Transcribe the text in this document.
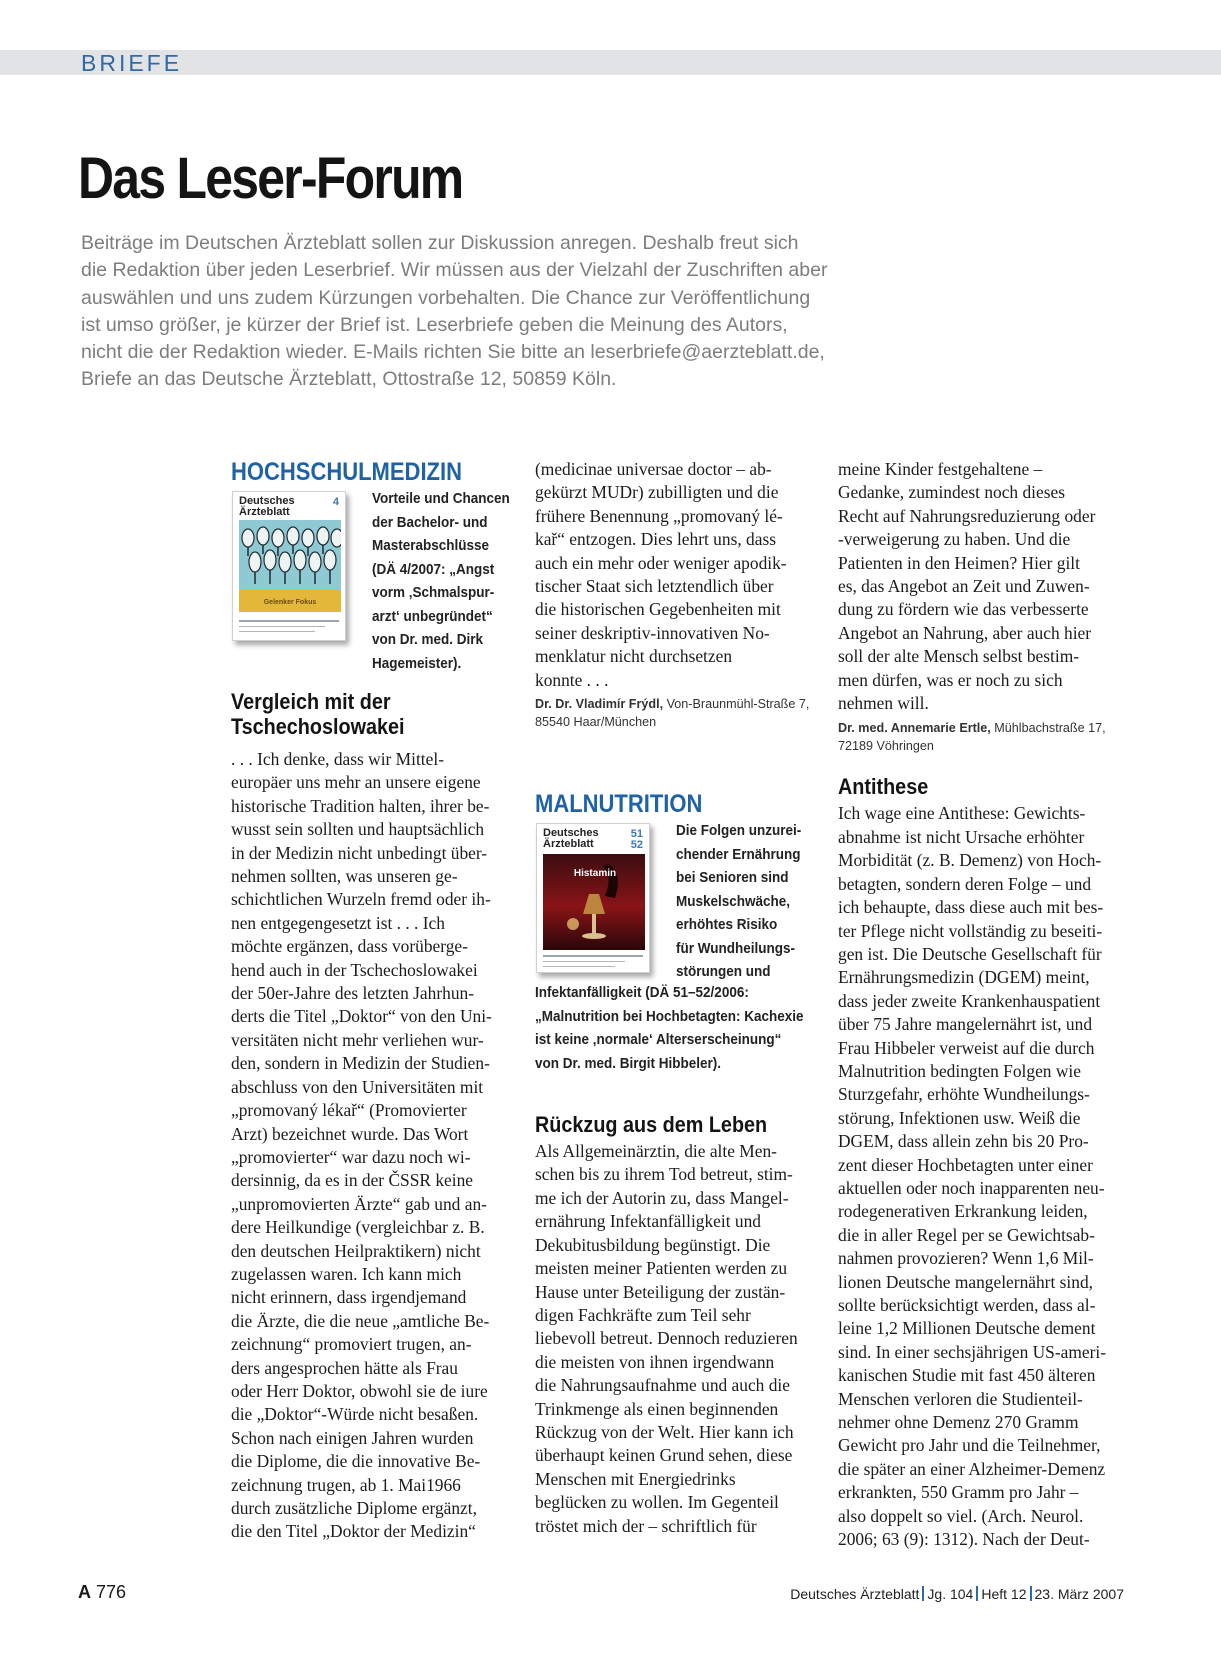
BRIEFE
Das Leser-Forum

Beiträge im Deutschen Ärzteblatt sollen zur Diskussion anregen. Deshalb freut sich

die Redaktion über jeden Leserbrief. Wir müssen aus der Vielzahl der Zuschriften aber

auswählen und uns zudem Kürzungen vorbehalten. Die Chance zur Veröffentlichung

ist umso größer, je kürzer der Brief ist. Leserbriefe geben die Meinung des Autors,

nicht die der Redaktion wieder. E-Mails richten Sie bitte an leserbriefe@aerzteblatt.de,

Briefe an das Deutsche Ärzteblatt, Ottostraße 12, 50859 Köln.

HOCHSCHULMEDIZIN
Deutsches
Ärzteblatt
4
Gelenker Fokus

Vorteile und Chancen

der Bachelor- und

Masterabschlüsse

(DÄ 4/2007: „Angst

vorm ‚Schmalspur-

arzt‘ unbegründet“

von Dr. med. Dirk

Hagemeister).

Vergleich mit der

Tschechoslowakei

. . . Ich denke, dass wir Mittel-

europäer uns mehr an unsere eigene

historische Tradition halten, ihrer be-

wusst sein sollten und hauptsächlich

in der Medizin nicht unbedingt über-

nehmen sollten, was unseren ge-

schichtlichen Wurzeln fremd oder ih-

nen entgegengesetzt ist . . . Ich

möchte ergänzen, dass vorüberge-

hend auch in der Tschechoslowakei

der 50er-Jahre des letzten Jahrhun-

derts die Titel „Doktor“ von den Uni-

versitäten nicht mehr verliehen wur-

den, sondern in Medizin der Studien-

abschluss von den Universitäten mit

„promovaný lékař“ (Promovierter

Arzt) bezeichnet wurde. Das Wort

„promovierter“ war dazu noch wi-

dersinnig, da es in der ČSSR keine

„unpromovierten Ärzte“ gab und an-

dere Heilkundige (vergleichbar z. B.

den deutschen Heilpraktikern) nicht

zugelassen waren. Ich kann mich

nicht erinnern, dass irgendjemand

die Ärzte, die die neue „amtliche Be-

zeichnung“ promoviert trugen, an-

ders angesprochen hätte als Frau

oder Herr Doktor, obwohl sie de iure

die „Doktor“-Würde nicht besaßen.

Schon nach einigen Jahren wurden

die Diplome, die die innovative Be-

zeichnung trugen, ab 1. Mai1966

durch zusätzliche Diplome ergänzt,

die den Titel „Doktor der Medizin“

(medicinae universae doctor – ab-

gekürzt MUDr) zubilligten und die

frühere Benennung „promovaný lé-

kař“ entzogen. Dies lehrt uns, dass

auch ein mehr oder weniger apodik-

tischer Staat sich letztendlich über

die historischen Gegebenheiten mit

seiner deskriptiv-innovativen No-

menklatur nicht durchsetzen

konnte . . .

Dr. Dr. Vladimír Frýdl, Von-Braunmühl-Straße 7,

85540 Haar/München

MALNUTRITION
Deutsches
Ärzteblatt
51
52
Histamin

Die Folgen unzurei-

chender Ernährung

bei Senioren sind

Muskelschwäche,

erhöhtes Risiko

für Wundheilungs-

störungen und

Infektanfälligkeit (DÄ 51–52/2006:

„Malnutrition bei Hochbetagten: Kachexie

ist keine ‚normale‘ Alterserscheinung“

von Dr. med. Birgit Hibbeler).

Rückzug aus dem Leben

Als Allgemeinärztin, die alte Men-

schen bis zu ihrem Tod betreut, stim-

me ich der Autorin zu, dass Mangel-

ernährung Infektanfälligkeit und

Dekubitusbildung begünstigt. Die

meisten meiner Patienten werden zu

Hause unter Beteiligung der zustän-

digen Fachkräfte zum Teil sehr

liebevoll betreut. Dennoch reduzieren

die meisten von ihnen irgendwann

die Nahrungsaufnahme und auch die

Trinkmenge als einen beginnenden

Rückzug von der Welt. Hier kann ich

überhaupt keinen Grund sehen, diese

Menschen mit Energiedrinks

beglücken zu wollen. Im Gegenteil

tröstet mich der – schriftlich für

meine Kinder festgehaltene –

Gedanke, zumindest noch dieses

Recht auf Nahrungsreduzierung oder

-verweigerung zu haben. Und die

Patienten in den Heimen? Hier gilt

es, das Angebot an Zeit und Zuwen-

dung zu fördern wie das verbesserte

Angebot an Nahrung, aber auch hier

soll der alte Mensch selbst bestim-

men dürfen, was er noch zu sich

nehmen will.

Dr. med. Annemarie Ertle, Mühlbachstraße 17,

72189 Vöhringen

Antithese

Ich wage eine Antithese: Gewichts-

abnahme ist nicht Ursache erhöhter

Morbidität (z. B. Demenz) von Hoch-

betagten, sondern deren Folge – und

ich behaupte, dass diese auch mit bes-

ter Pflege nicht vollständig zu beseiti-

gen ist. Die Deutsche Gesellschaft für

Ernährungsmedizin (DGEM) meint,

dass jeder zweite Krankenhauspatient

über 75 Jahre mangelernährt ist, und

Frau Hibbeler verweist auf die durch

Malnutrition bedingten Folgen wie

Sturzgefahr, erhöhte Wundheilungs-

störung, Infektionen usw. Weiß die

DGEM, dass allein zehn bis 20 Pro-

zent dieser Hochbetagten unter einer

aktuellen oder noch inapparenten neu-

rodegenerativen Erkrankung leiden,

die in aller Regel per se Gewichtsab-

nahmen provozieren? Wenn 1,6 Mil-

lionen Deutsche mangelernährt sind,

sollte berücksichtigt werden, dass al-

leine 1,2 Millionen Deutsche dement

sind. In einer sechsjährigen US-ameri-

kanischen Studie mit fast 450 älteren

Menschen verloren die Studienteil-

nehmer ohne Demenz 270 Gramm

Gewicht pro Jahr und die Teilnehmer,

die später an einer Alzheimer-Demenz

erkrankten, 550 Gramm pro Jahr –

also doppelt so viel. (Arch. Neurol.

2006; 63 (9): 1312). Nach der Deut-

A 776	Deutsches Ärzteblatt Jg. 104 Heft 12 23. März 2007
